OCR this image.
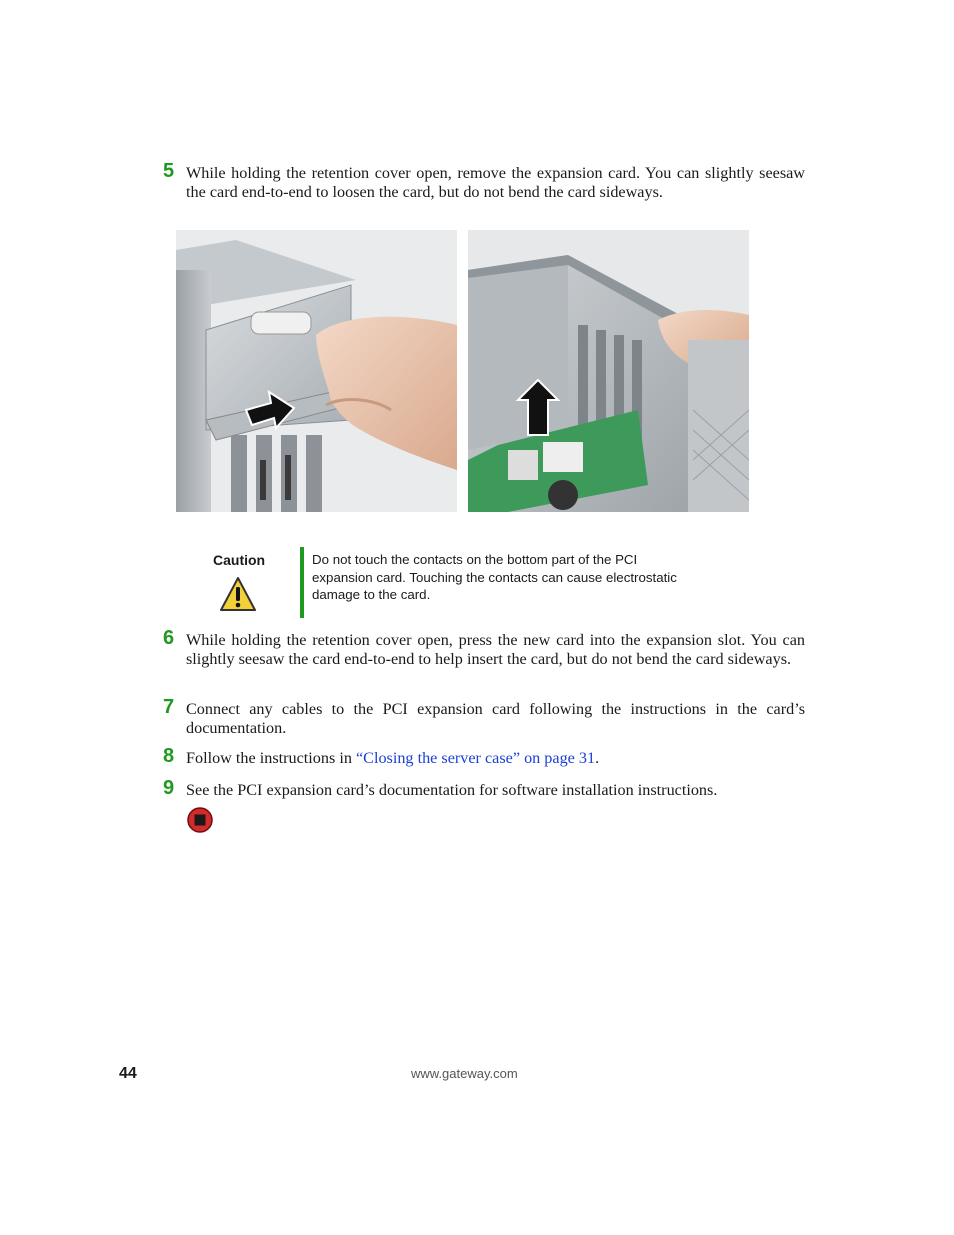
5 While holding the retention cover open, remove the expansion card. You can slightly seesaw the card end-to-end to loosen the card, but do not bend the card sideways.
Caution	Do not touch the contacts on the bottom part of the PCI expansion card. Touching the contacts can cause electrostatic damage to the card.
6 While holding the retention cover open, press the new card into the expansion slot. You can slightly seesaw the card end-to-end to help insert the card, but do not bend the card sideways.
7 Connect any cables to the PCI expansion card following the instructions in the card’s documentation.
8 Follow the instructions in “Closing the server case” on page 31.
9 See the PCI expansion card’s documentation for software installation instructions.
44	www.gateway.com
